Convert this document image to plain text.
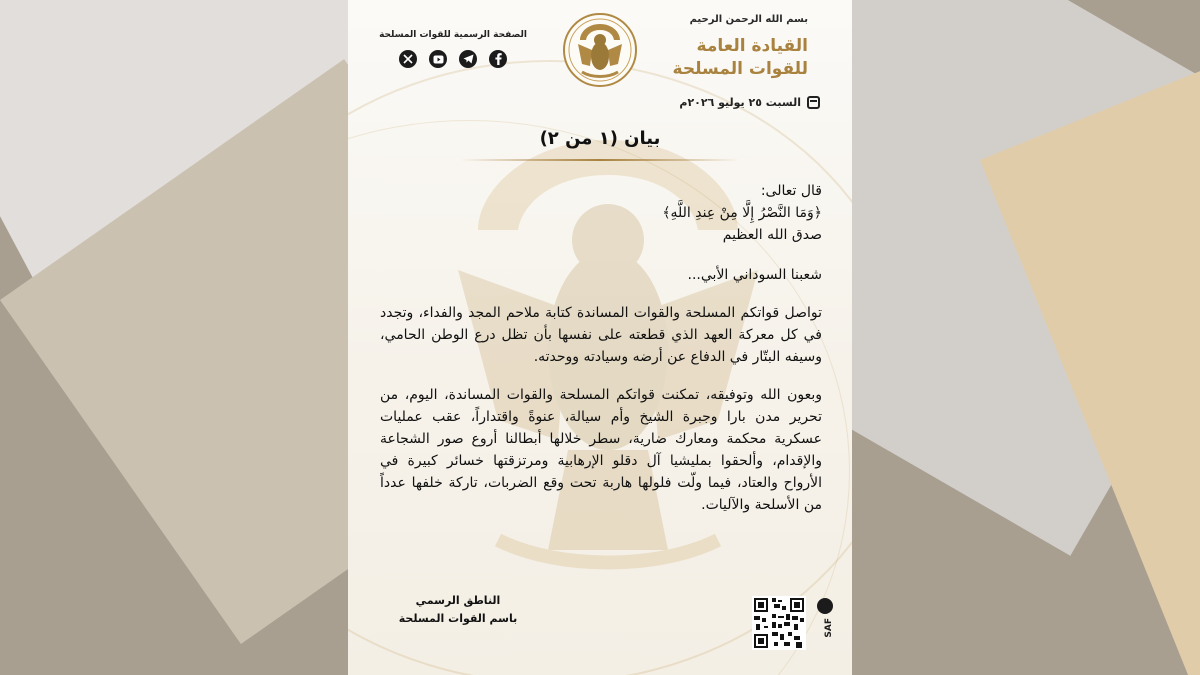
بسم الله الرحمن الرحيم
القيادة العامة
للقوات المسلحة
الصفحة الرسمية للقوات المسلحة
السبت ٢٥ يوليو ٢٠٢٦م
بيان (١ من ٢)

قال تعالى:

﴿وَمَا النَّصْرُ إِلَّا مِنْ عِندِ اللَّهِ﴾

صدق الله العظيم

شعبنا السوداني الأبي...

تواصل قواتكم المسلحة والقوات المساندة كتابة ملاحم المجد والفداء، وتجدد في كل معركة العهد الذي قطعته على نفسها بأن تظل درع الوطن الحامي، وسيفه البتّار في الدفاع عن أرضه وسيادته ووحدته.

وبعون الله وتوفيقه، تمكنت قواتكم المسلحة والقوات المساندة، اليوم، من تحرير مدن بارا وجبرة الشيخ وأم سيالة، عنوةً واقتداراً، عقب عمليات عسكرية محكمة ومعارك ضارية، سطر خلالها أبطالنا أروع صور الشجاعة والإقدام، وألحقوا بمليشيا آل دقلو الإرهابية ومرتزقتها خسائر كبيرة في الأرواح والعتاد، فيما ولّت فلولها هاربة تحت وقع الضربات، تاركة خلفها عدداً من الأسلحة والآليات.

الناطق الرسمي
باسم القوات المسلحة	SAF
